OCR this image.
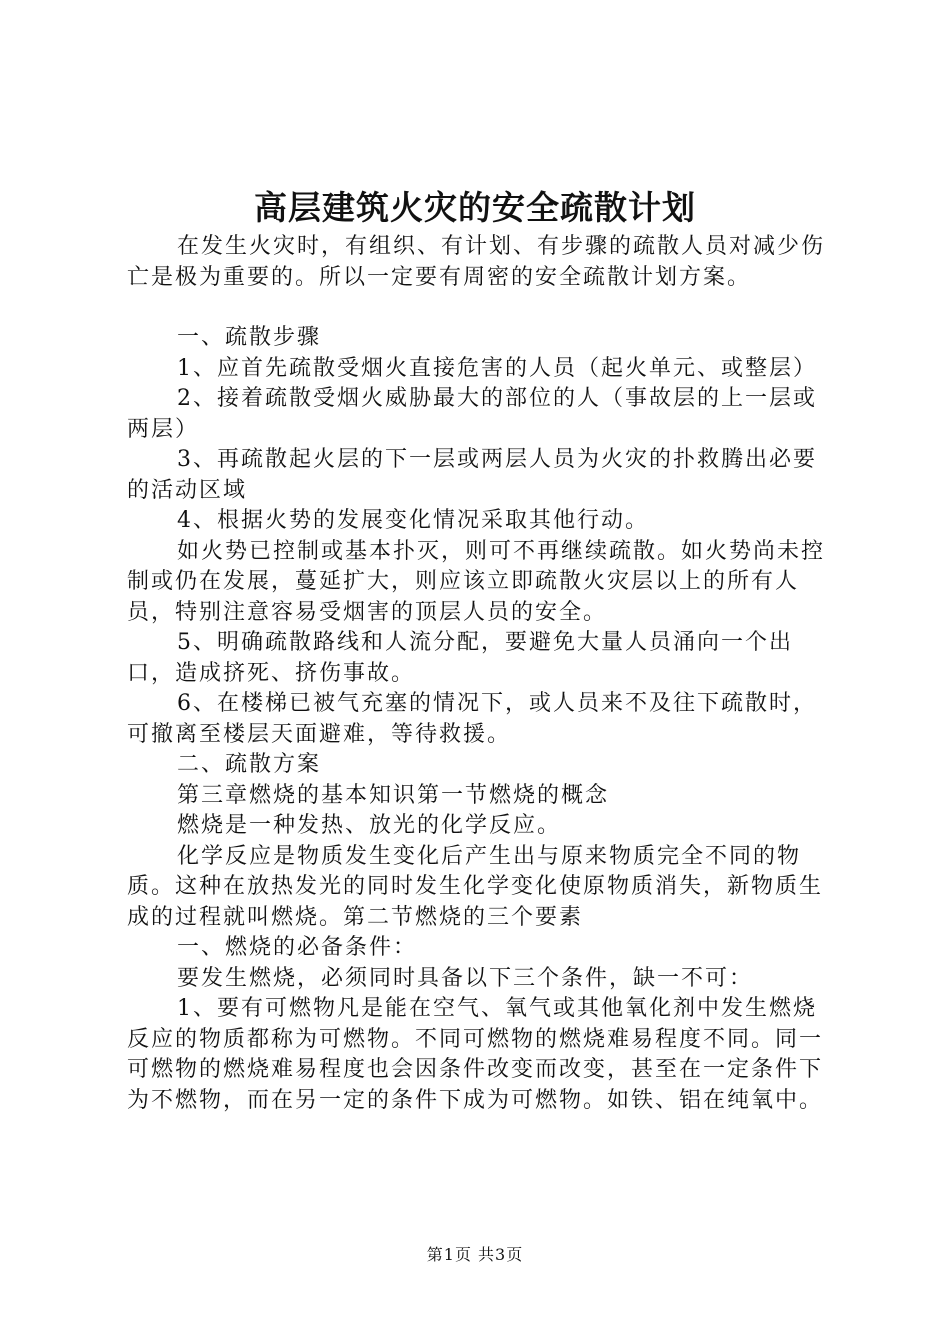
高层建筑火灾的安全疏散计划

在发生火灾时，有组织、有计划、有步骤的疏散人员对减少伤亡是极为重要的。所以一定要有周密的安全疏散计划方案。

一、疏散步骤

1、应首先疏散受烟火直接危害的人员（起火单元、或整层）

2、接着疏散受烟火威胁最大的部位的人（事故层的上一层或两层）

3、再疏散起火层的下一层或两层人员为火灾的扑救腾出必要的活动区域

4、根据火势的发展变化情况采取其他行动。

如火势已控制或基本扑灭，则可不再继续疏散。如火势尚未控制或仍在发展，蔓延扩大，则应该立即疏散火灾层以上的所有人员，特别注意容易受烟害的顶层人员的安全。

5、明确疏散路线和人流分配，要避免大量人员涌向一个出口，造成挤死、挤伤事故。

6、在楼梯已被气充塞的情况下，或人员来不及往下疏散时，可撤离至楼层天面避难，等待救援。

二、疏散方案

第三章燃烧的基本知识第一节燃烧的概念

燃烧是一种发热、放光的化学反应。

化学反应是物质发生变化后产生出与原来物质完全不同的物质。这种在放热发光的同时发生化学变化使原物质消失，新物质生成的过程就叫燃烧。第二节燃烧的三个要素

一、燃烧的必备条件：

要发生燃烧，必须同时具备以下三个条件，缺一不可：

1、要有可燃物凡是能在空气、氧气或其他氧化剂中发生燃烧反应的物质都称为可燃物。不同可燃物的燃烧难易程度不同。同一可燃物的燃烧难易程度也会因条件改变而改变，甚至在一定条件下为不燃物，而在另一定的条件下成为可燃物。如铁、铝在纯氧中。

第1页 共3页
